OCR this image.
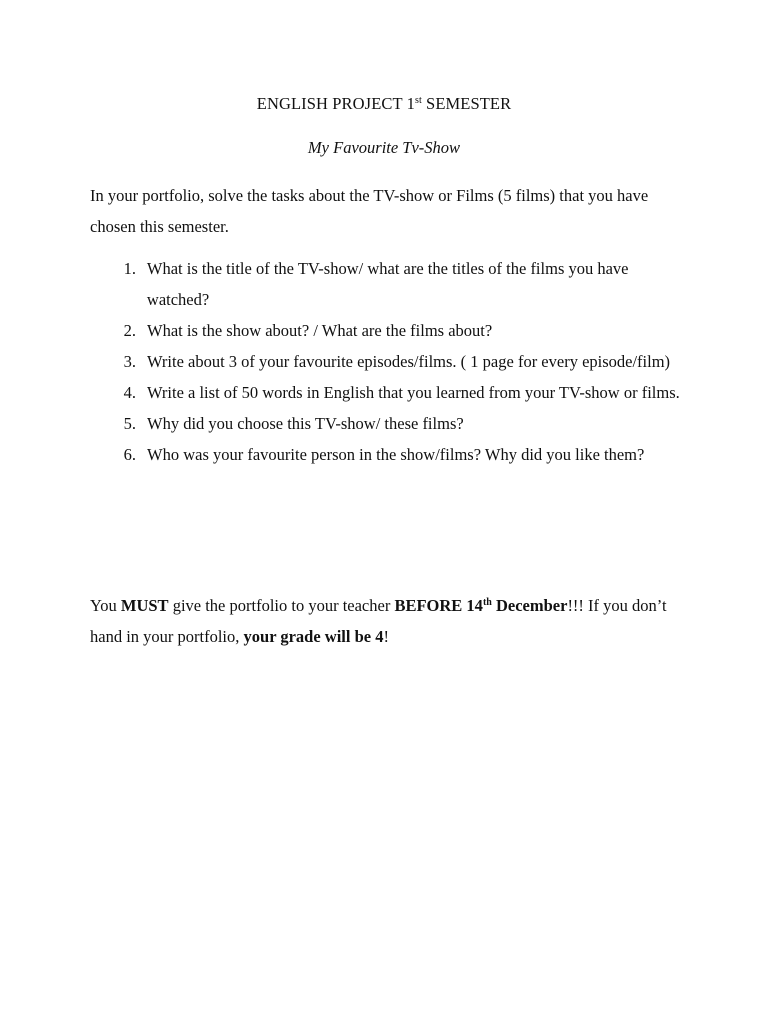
ENGLISH PROJECT 1st SEMESTER
My Favourite Tv-Show
In your portfolio, solve the tasks about the TV-show or Films (5 films) that you have chosen this semester.
1. What is the title of the TV-show/ what are the titles of the films you have watched?
2. What is the show about? / What are the films about?
3. Write about 3 of your favourite episodes/films. ( 1 page for every episode/film)
4. Write a list of 50 words in English that you learned from your TV-show or films.
5. Why did you choose this TV-show/ these films?
6. Who was your favourite person in the show/films? Why did you like them?
You MUST give the portfolio to your teacher BEFORE 14th December!!! If you don’t hand in your portfolio, your grade will be 4!
